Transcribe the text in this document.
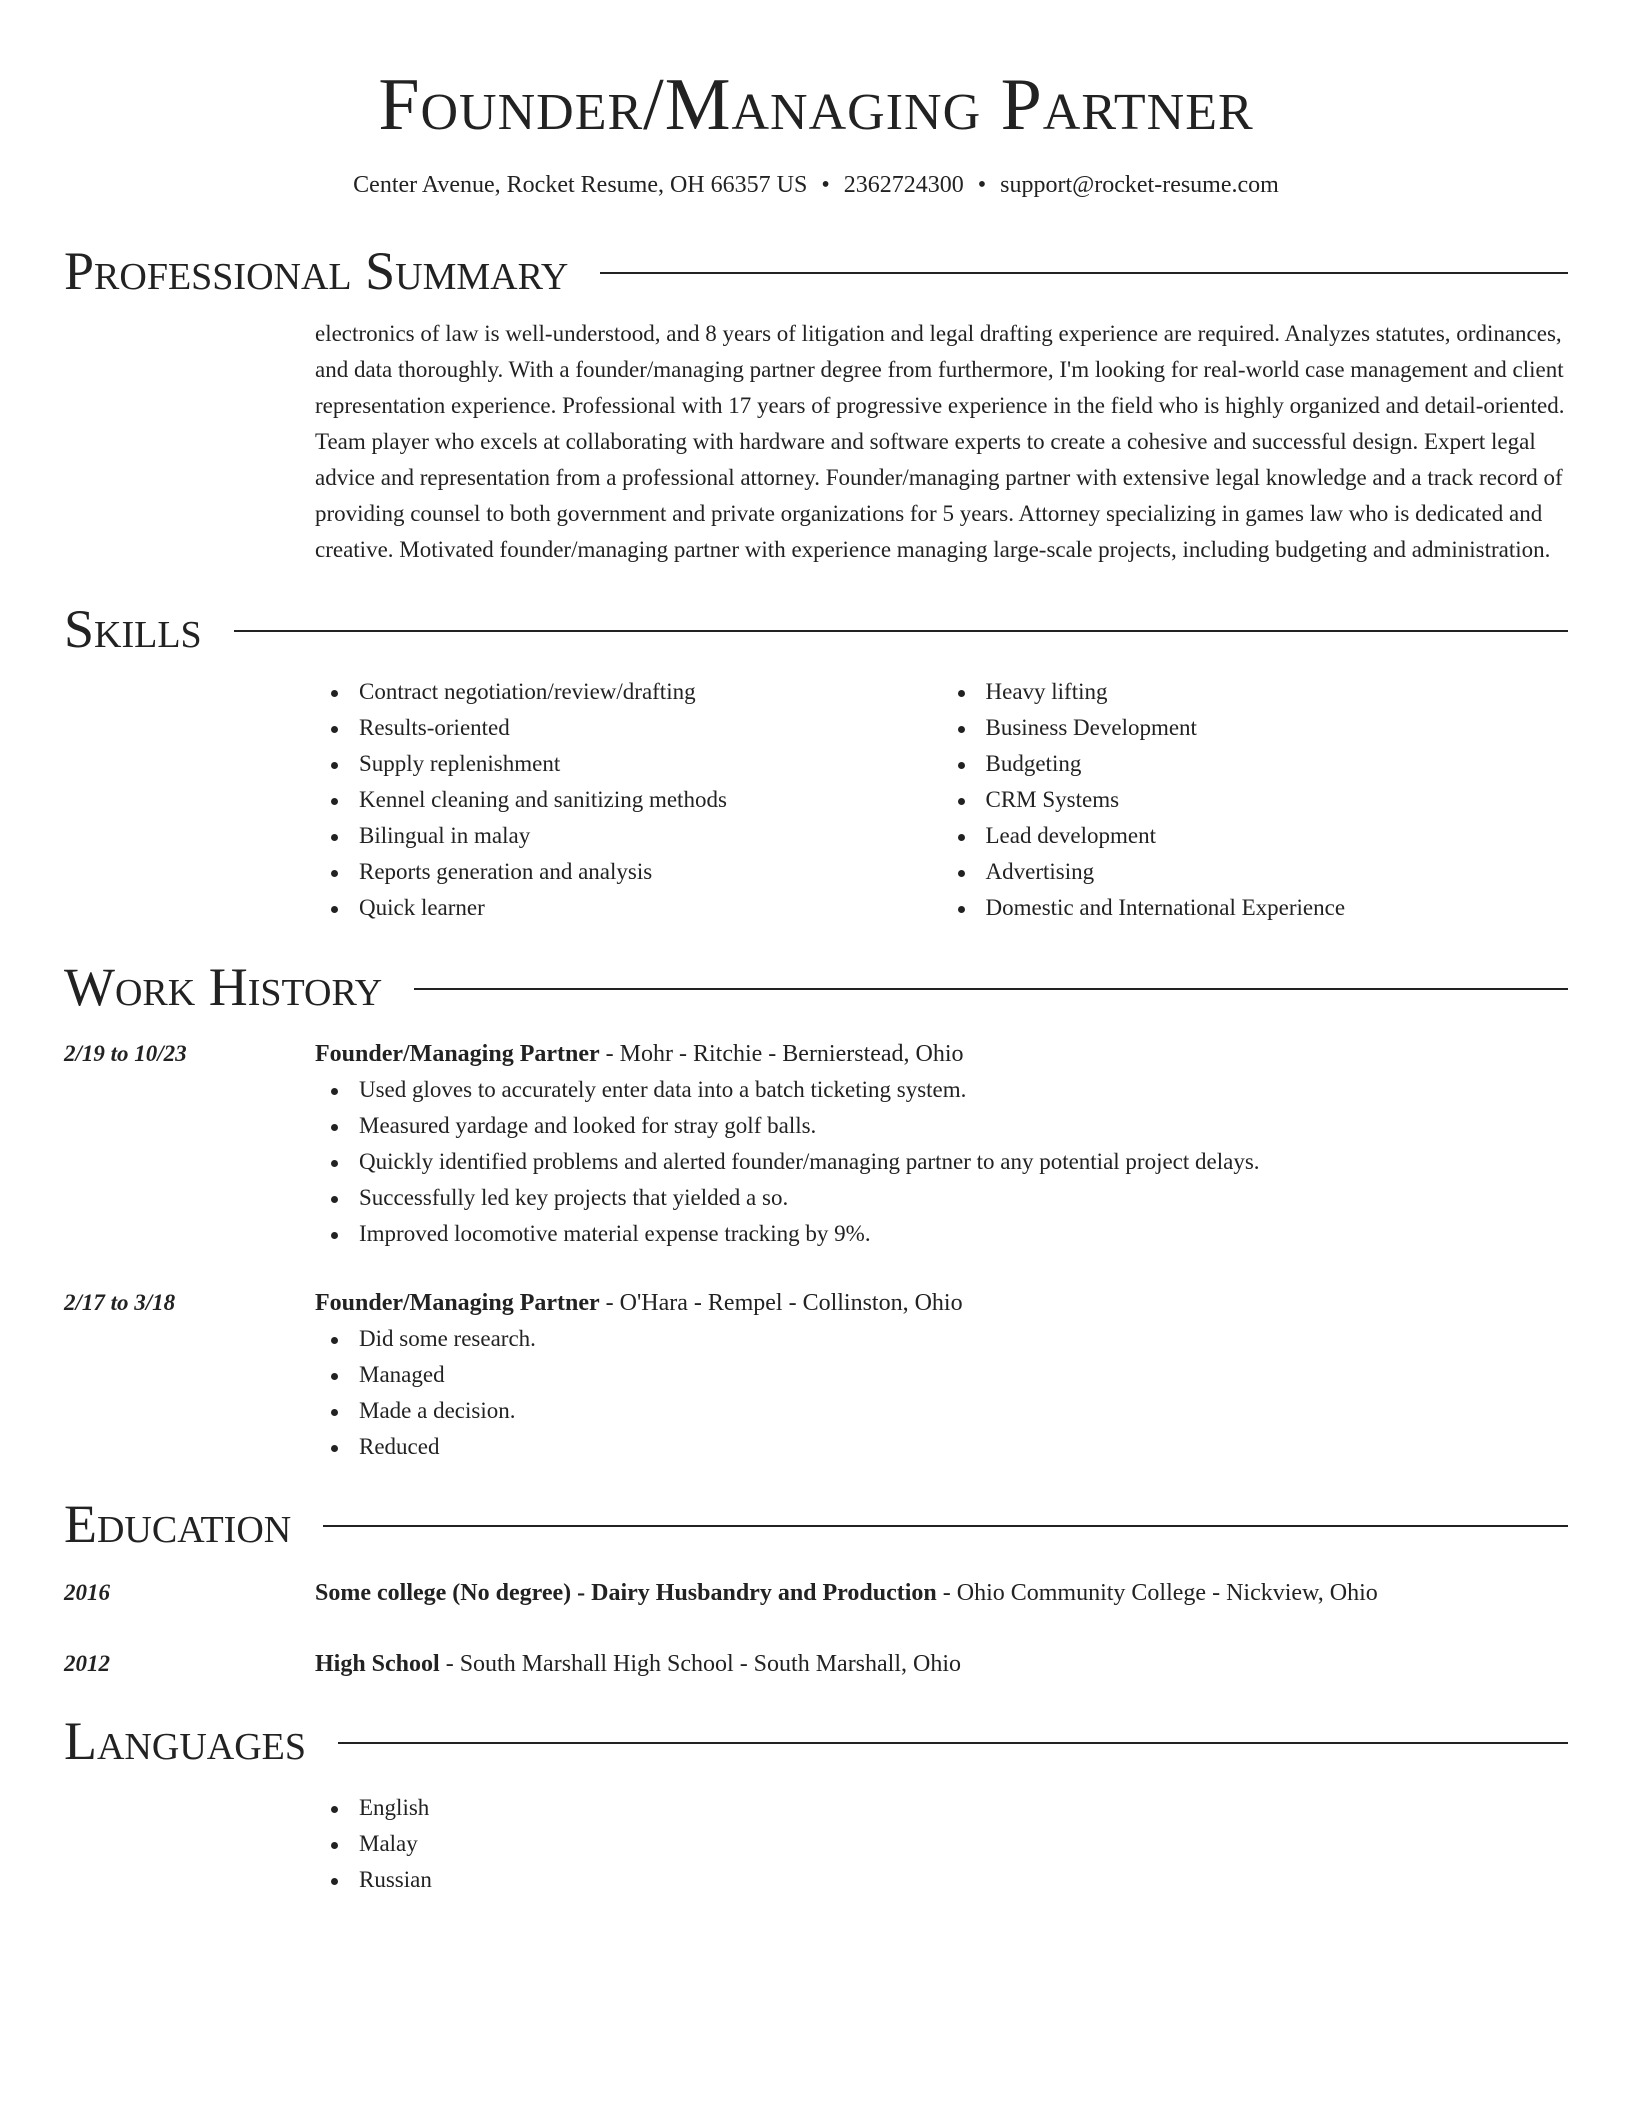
Founder/Managing Partner
Center Avenue, Rocket Resume, OH 66357 US • 2362724300 • support@rocket-resume.com
Professional Summary
electronics of law is well-understood, and 8 years of litigation and legal drafting experience are required. Analyzes statutes, ordinances, and data thoroughly. With a founder/managing partner degree from furthermore, I'm looking for real-world case management and client representation experience. Professional with 17 years of progressive experience in the field who is highly organized and detail-oriented. Team player who excels at collaborating with hardware and software experts to create a cohesive and successful design. Expert legal advice and representation from a professional attorney. Founder/managing partner with extensive legal knowledge and a track record of providing counsel to both government and private organizations for 5 years. Attorney specializing in games law who is dedicated and creative. Motivated founder/managing partner with experience managing large-scale projects, including budgeting and administration.
Skills
Contract negotiation/review/drafting
Results-oriented
Supply replenishment
Kennel cleaning and sanitizing methods
Bilingual in malay
Reports generation and analysis
Quick learner
Heavy lifting
Business Development
Budgeting
CRM Systems
Lead development
Advertising
Domestic and International Experience
Work History
2/19 to 10/23	Founder/Managing Partner - Mohr - Ritchie - Bernierstead, Ohio
Used gloves to accurately enter data into a batch ticketing system.
Measured yardage and looked for stray golf balls.
Quickly identified problems and alerted founder/managing partner to any potential project delays.
Successfully led key projects that yielded a so.
Improved locomotive material expense tracking by 9%.
2/17 to 3/18	Founder/Managing Partner - O'Hara - Rempel - Collinston, Ohio
Did some research.
Managed
Made a decision.
Reduced
Education
2016	Some college (No degree) - Dairy Husbandry and Production - Ohio Community College - Nickview, Ohio
2012	High School - South Marshall High School - South Marshall, Ohio
Languages
English
Malay
Russian
